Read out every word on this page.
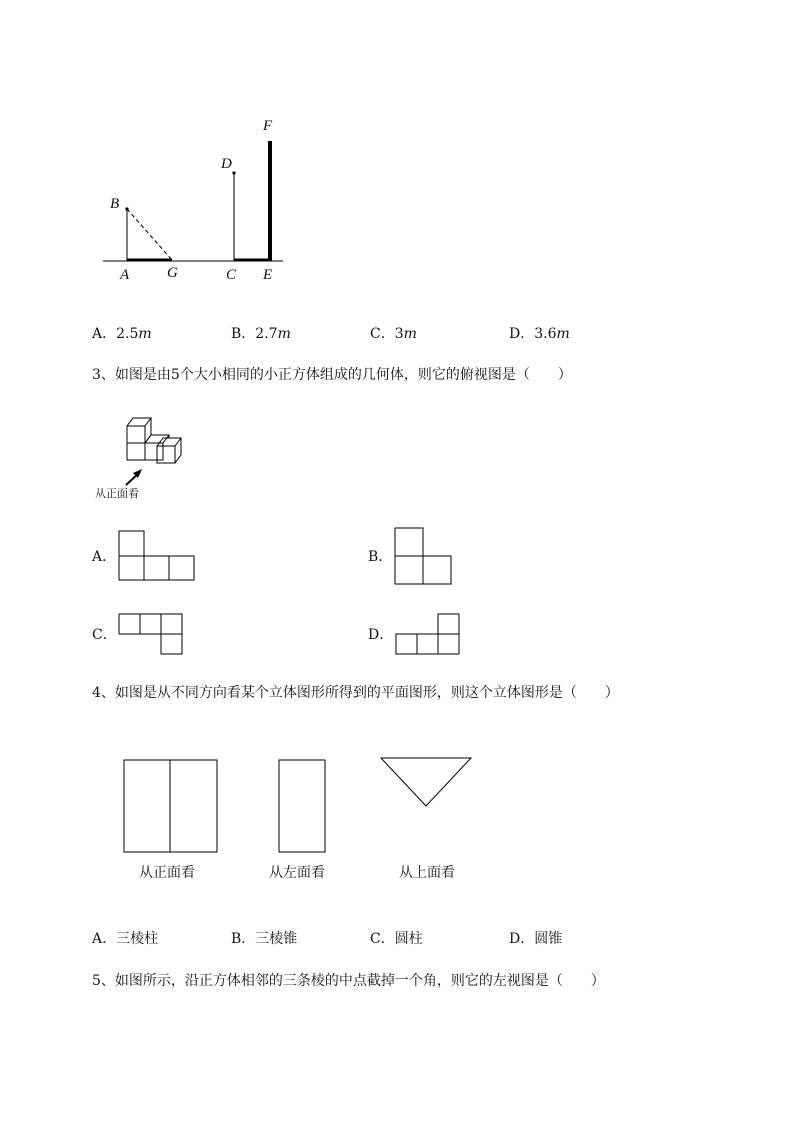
B
D
F
A	G	C E
A．2.5m	B．2.7m	C．3m	D．3.6m
3、如图是由5个大小相同的小正方体组成的几何体，则它的俯视图是（　　）
从正面看
A．	B．
C．	D．
4、如图是从不同方向看某个立体图形所得到的平面图形，则这个立体图形是（　　）
从正面看	从左面看	从上面看
A．三棱柱	B．三棱锥	C．圆柱	D．圆锥
5、如图所示，沿正方体相邻的三条棱的中点截掉一个角，则它的左视图是（　　）
